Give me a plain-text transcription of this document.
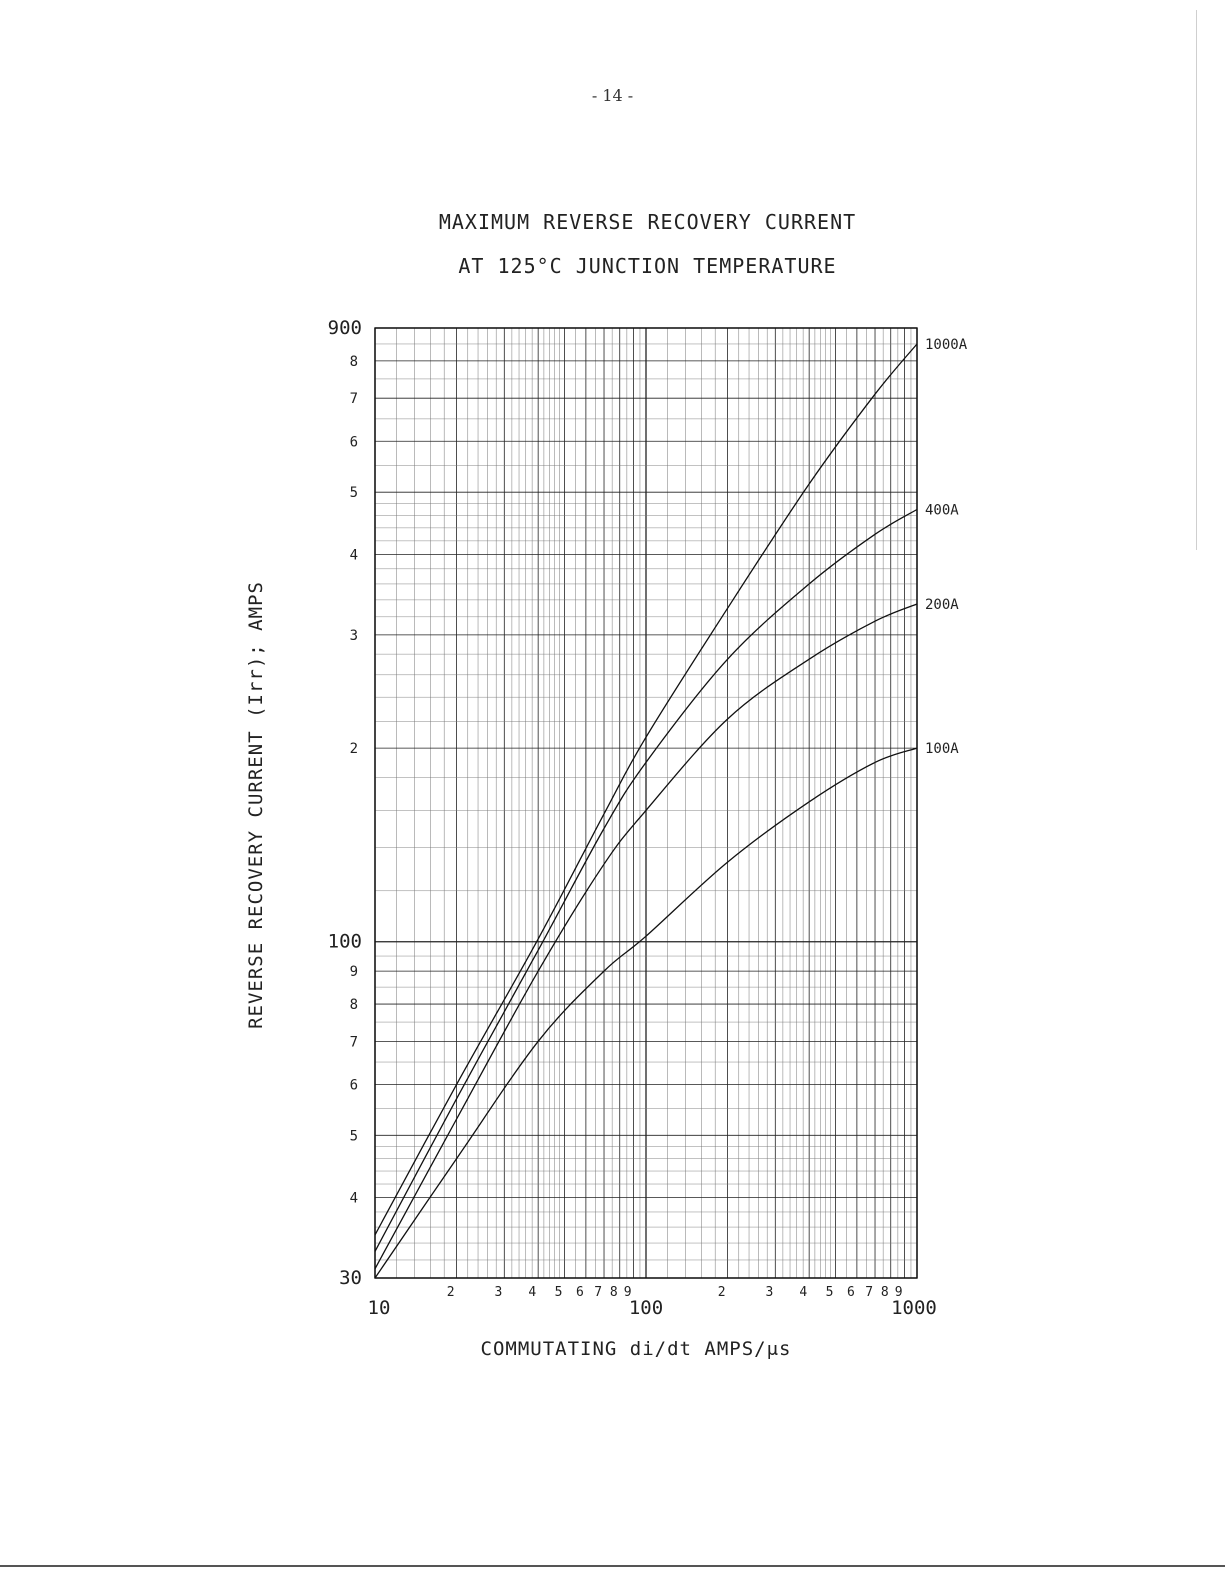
- 14 -
MAXIMUM REVERSE RECOVERY CURRENT
AT 125°C JUNCTION TEMPERATURE
30
4
5
6
7
8
9
100
2
3
4
5
6
7
8
900
10
2	3 4 5 6 7 8 9
100
2	3 4 5 6 7 8 9
1000
1000A
400A
200A
100A
REVERSE RECOVERY CURRENT (Irr); AMPS
COMMUTATING di/dt AMPS/μs
